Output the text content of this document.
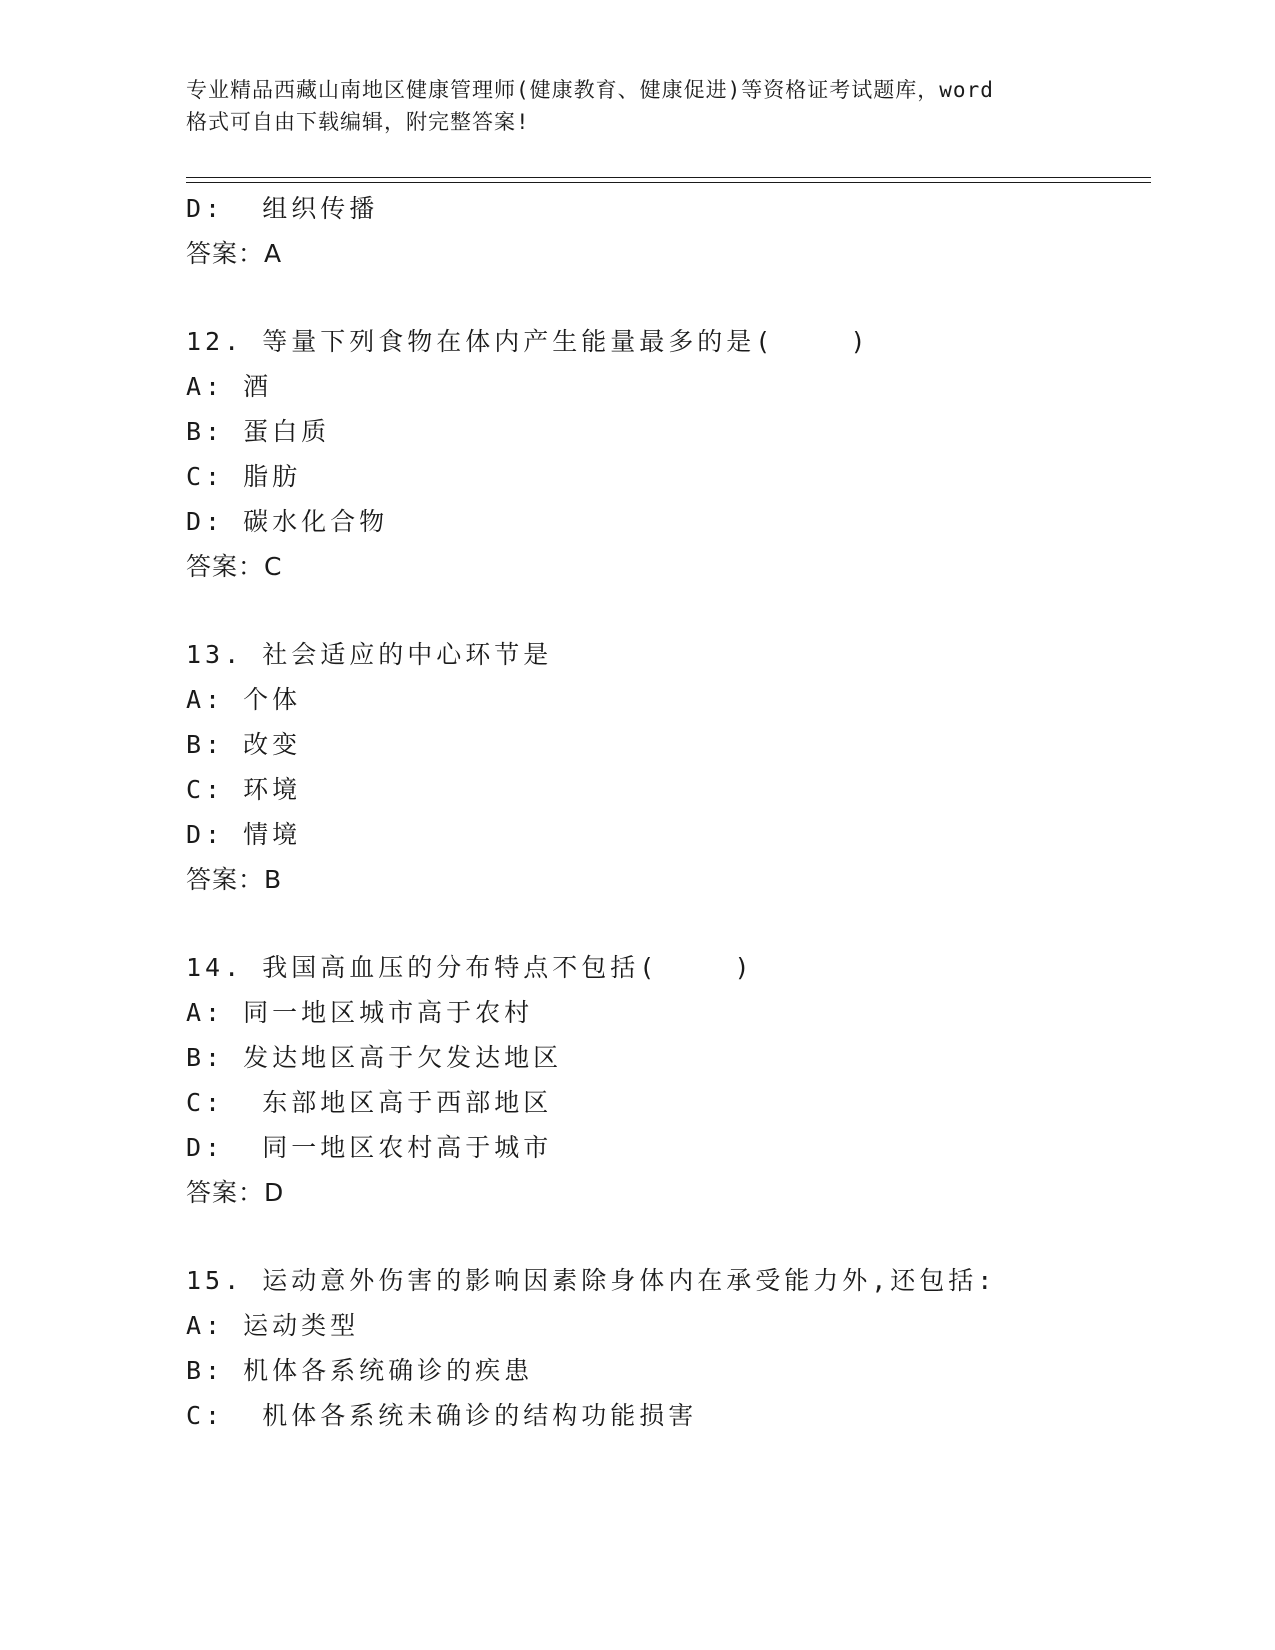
专业精品西藏山南地区健康管理师(健康教育、健康促进)等资格证考试题库，word
格式可自由下载编辑，附完整答案!
D:  组织传播
答案：A
12. 等量下列食物在体内产生能量最多的是(    )
A: 酒
B: 蛋白质
C: 脂肪
D: 碳水化合物
答案：C
13. 社会适应的中心环节是
A: 个体
B: 改变
C: 环境
D: 情境
答案：B
14. 我国高血压的分布特点不包括(    )
A: 同一地区城市高于农村
B: 发达地区高于欠发达地区
C:  东部地区高于西部地区
D:  同一地区农村高于城市
答案：D
15. 运动意外伤害的影响因素除身体内在承受能力外,还包括:
A: 运动类型
B: 机体各系统确诊的疾患
C:  机体各系统未确诊的结构功能损害
